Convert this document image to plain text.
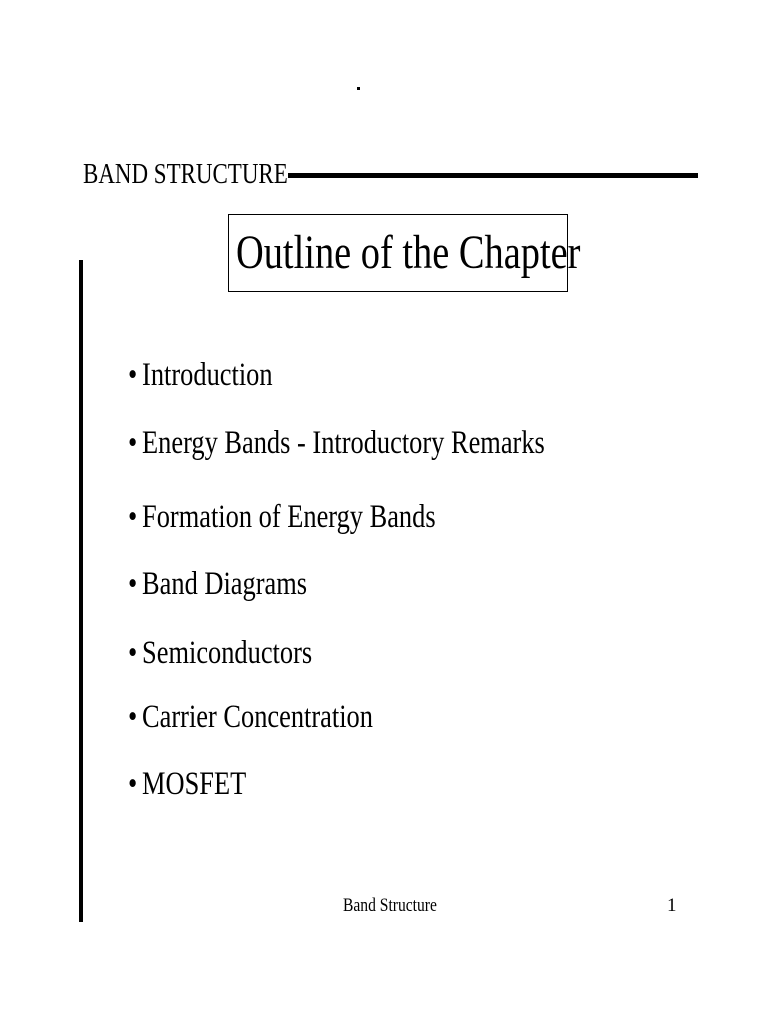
BAND STRUCTURE
Outline of the Chapter
• Introduction
• Energy Bands - Introductory Remarks
• Formation of Energy Bands
• Band Diagrams
• Semiconductors
• Carrier Concentration
• MOSFET
Band Structure	1
